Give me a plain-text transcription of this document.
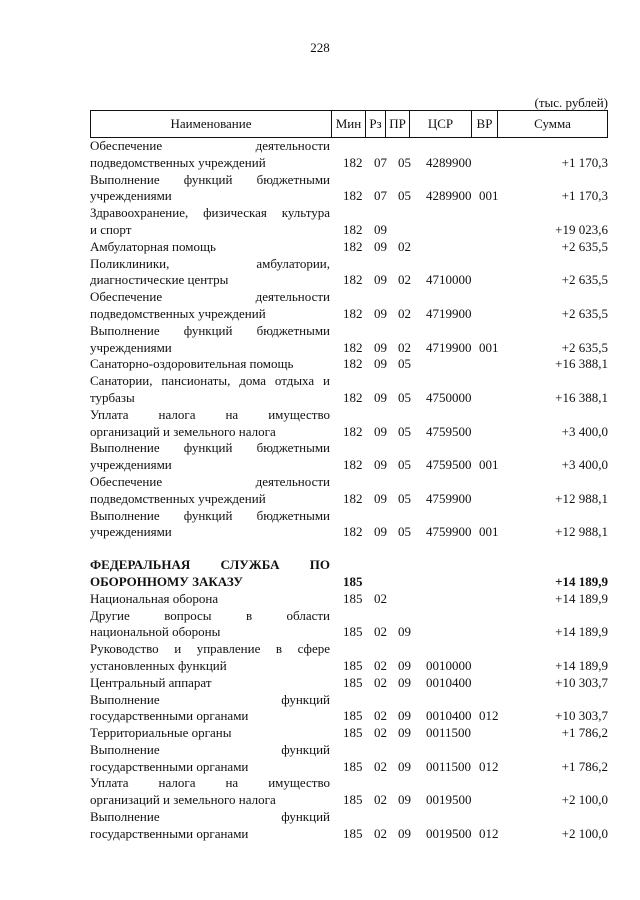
228
(тыс. рублей)
Наименование	Мин Рз ПР	ЦСР	ВР	Сумма
Обеспечение деятельности
подведомственных учреждений	182 07 05 4289900	+1 170,3
Выполнение функций бюджетными
учреждениями	182 07 05 4289900 001	+1 170,3
Здравоохранение, физическая культура
и спорт	182 09	+19 023,6
Амбулаторная помощь	182 09 02	+2 635,5
Поликлиники, амбулатории,
диагностические центры	182 09 02 4710000	+2 635,5
Обеспечение деятельности
подведомственных учреждений	182 09 02 4719900	+2 635,5
Выполнение функций бюджетными
учреждениями	182 09 02 4719900 001	+2 635,5
Санаторно-оздоровительная помощь	182 09 05	+16 388,1
Санатории, пансионаты, дома отдыха и
турбазы	182 09 05 4750000	+16 388,1
Уплата налога на имущество
организаций и земельного налога	182 09 05 4759500	+3 400,0
Выполнение функций бюджетными
учреждениями	182 09 05 4759500 001	+3 400,0
Обеспечение деятельности
подведомственных учреждений	182 09 05 4759900	+12 988,1
Выполнение функций бюджетными
учреждениями	182 09 05 4759900 001	+12 988,1
ФЕДЕРАЛЬНАЯ СЛУЖБА ПО
ОБОРОННОМУ ЗАКАЗУ	185	+14 189,9
Национальная оборона	185 02	+14 189,9
Другие вопросы в области
национальной обороны	185 02 09	+14 189,9
Руководство и управление в сфере
установленных функций	185 02 09 0010000	+14 189,9
Центральный аппарат	185 02 09 0010400	+10 303,7
Выполнение функций
государственными органами	185 02 09 0010400 012	+10 303,7
Территориальные органы	185 02 09 0011500	+1 786,2
Выполнение функций
государственными органами	185 02 09 0011500 012	+1 786,2
Уплата налога на имущество
организаций и земельного налога	185 02 09 0019500	+2 100,0
Выполнение функций
государственными органами	185 02 09 0019500 012	+2 100,0
